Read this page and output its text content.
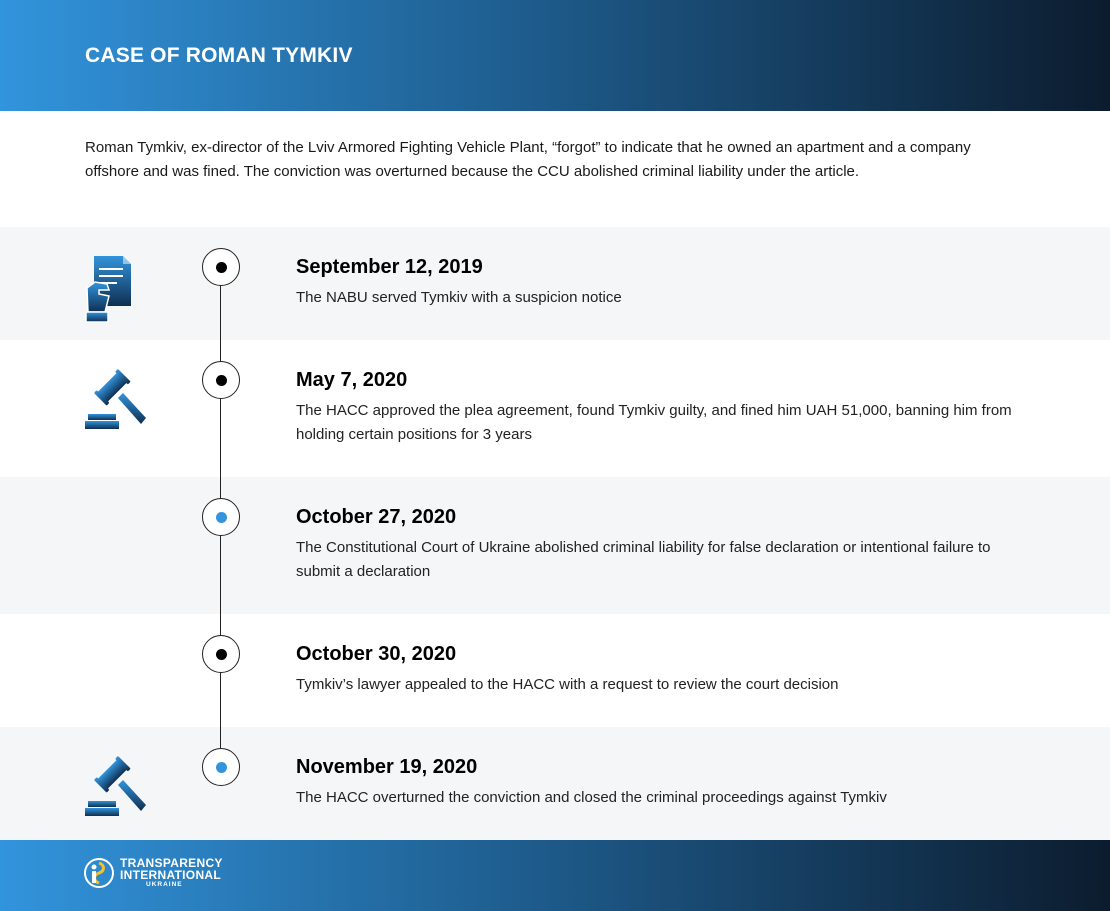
CASE OF ROMAN TYMKIV

Roman Tymkiv, ex-director of the Lviv Armored Fighting Vehicle Plant, “forgot” to indicate that he owned an apartment and a company offshore and was fined. The conviction was overturned because the CCU abolished criminal liability under the article.

September 12, 2019

The NABU served Tymkiv with a suspicion notice

May 7, 2020

The HACC approved the plea agreement, found Tymkiv guilty, and fined him UAH 51,000, banning him from holding certain positions for 3 years

October 27, 2020

The Constitutional Court of Ukraine abolished criminal liability for false declaration or intentional failure to submit a declaration

October 30, 2020

Tymkiv’s lawyer appealed to the HACC with a request to review the court decision

November 19, 2020

The HACC overturned the conviction and closed the criminal proceedings against Tymkiv

TRANSPARENCY
INTERNATIONAL
UKRAINE
